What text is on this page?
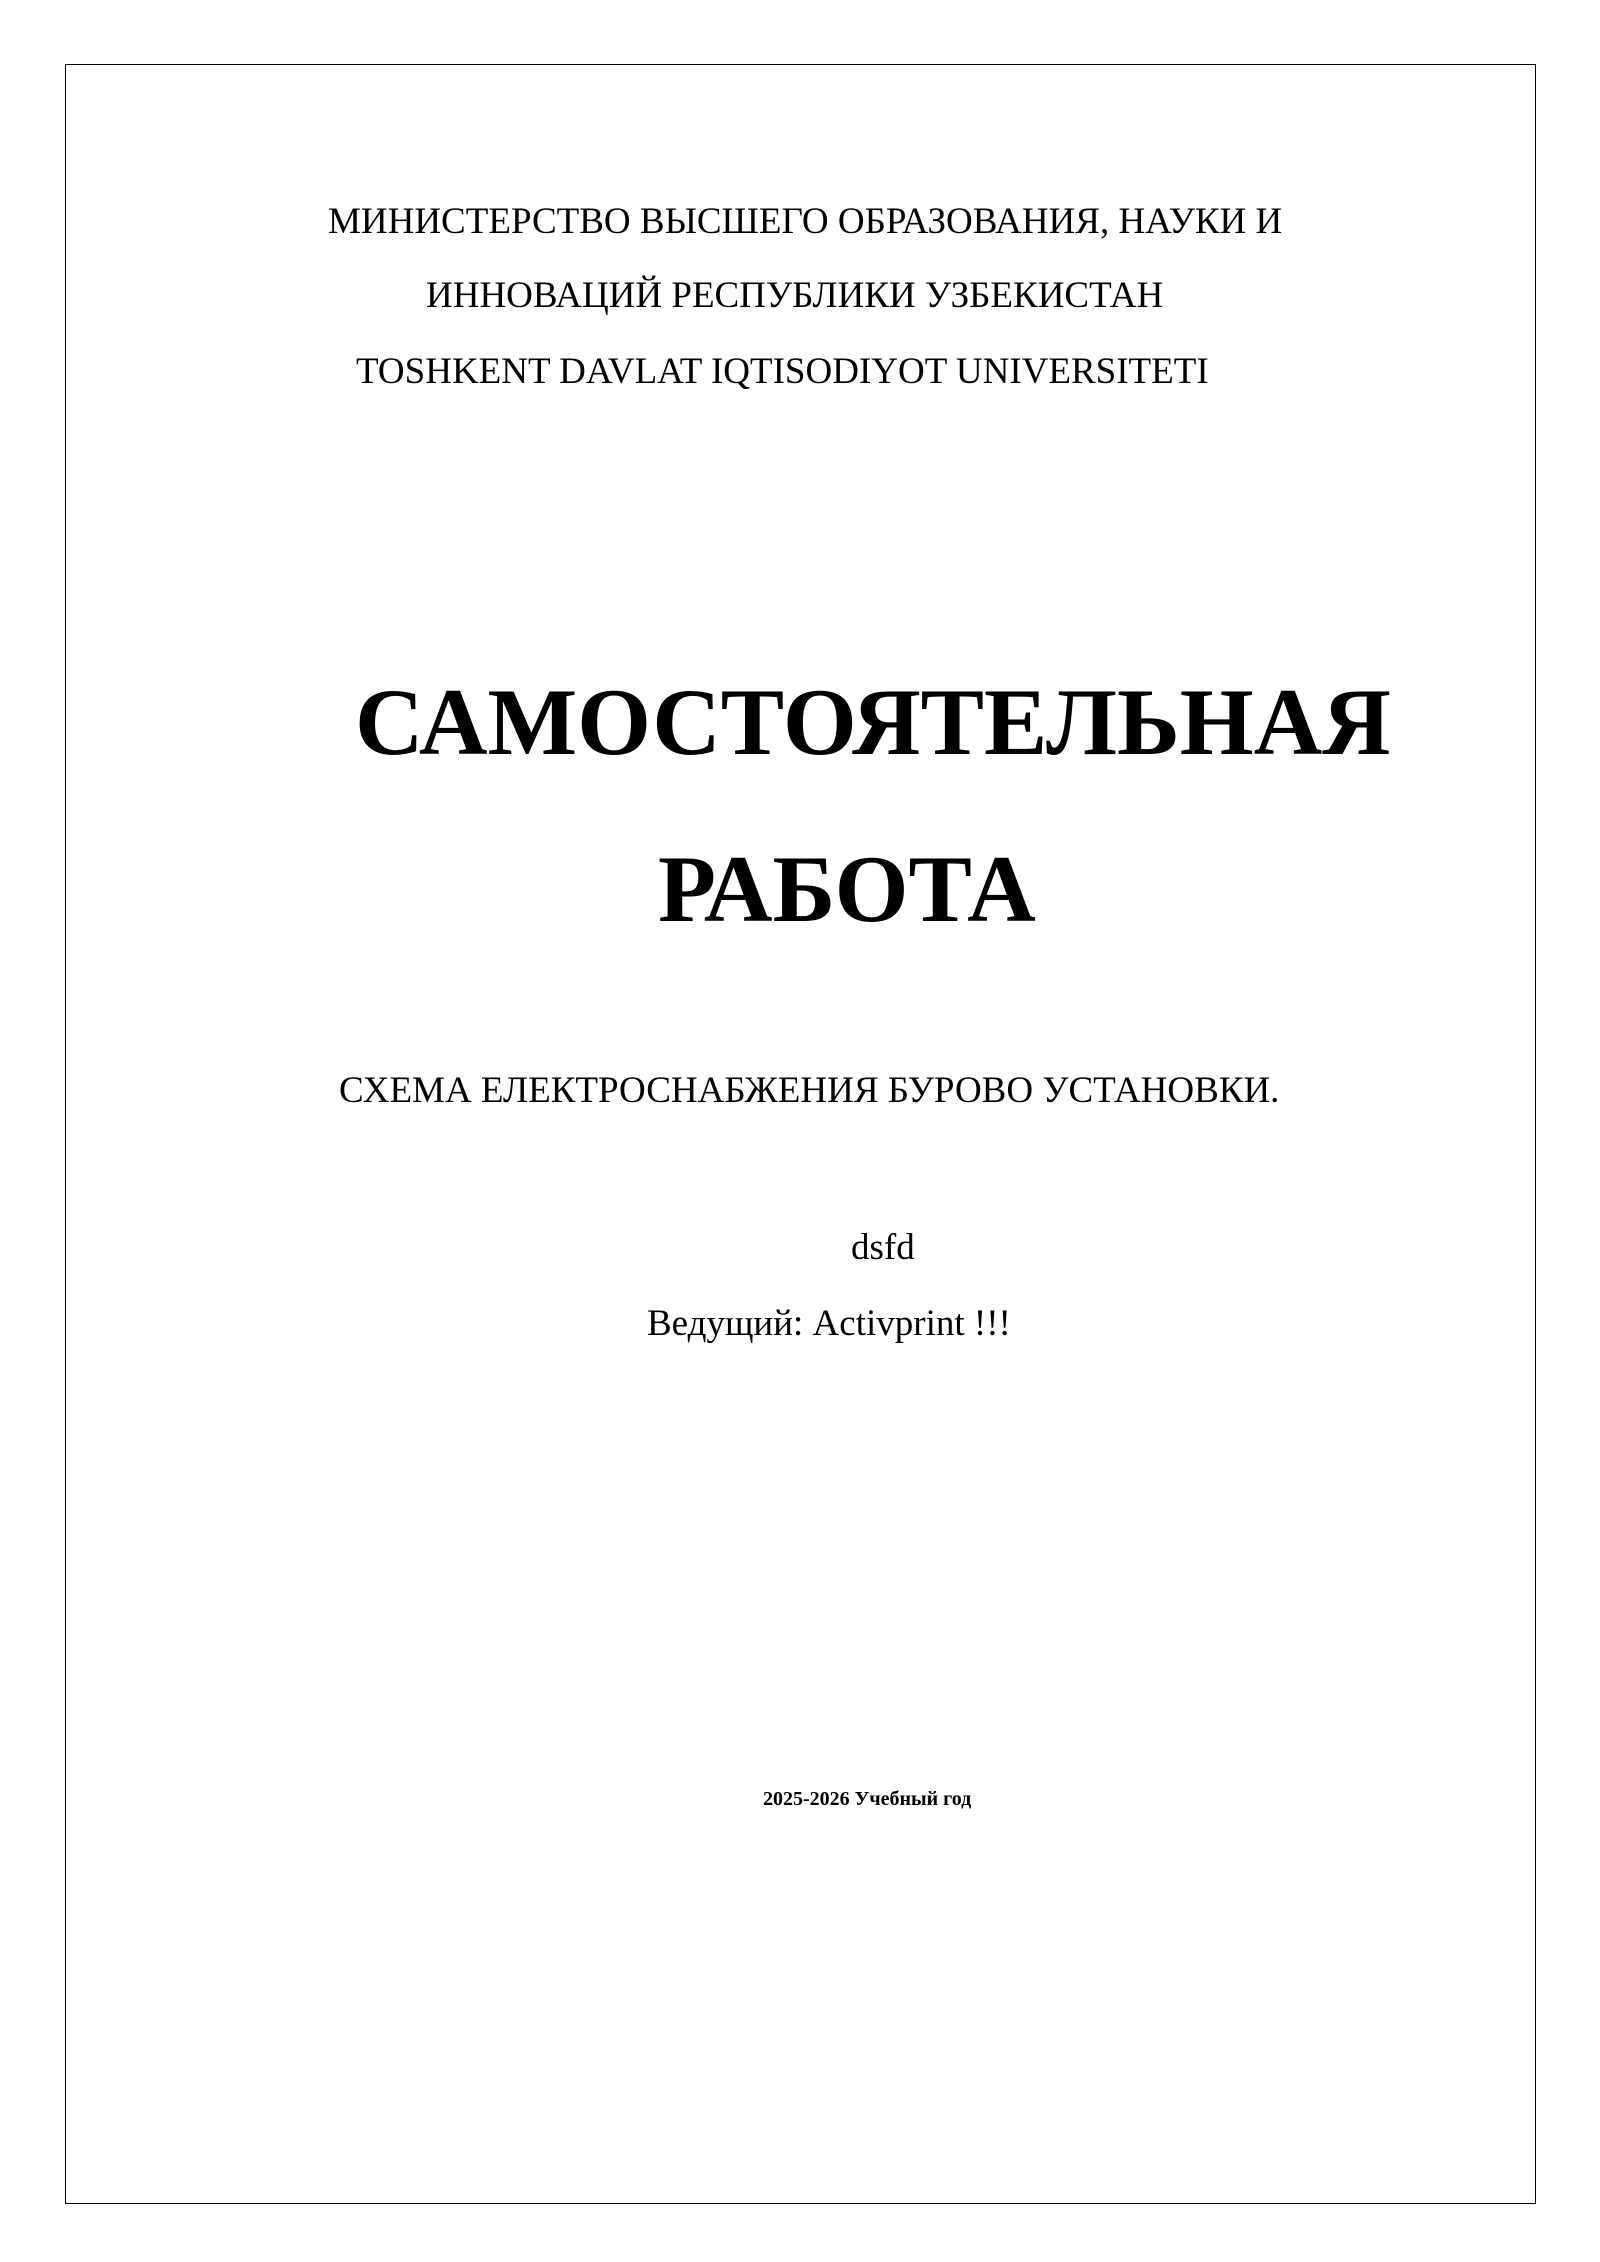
МИНИСТЕРСТВО ВЫСШЕГО ОБРАЗОВАНИЯ, НАУКИ И
ИННОВАЦИЙ РЕСПУБЛИКИ УЗБЕКИСТАН
TOSHKENT DAVLAT IQTISODIYOT UNIVERSITETI
САМОСТОЯТЕЛЬНАЯ
РАБОТА
СХЕМА ЕЛЕКТРОСНАБЖЕНИЯ БУРОВО УСТАНОВКИ.
dsfd
Ведущий: Activprint !!!
2025-2026 Учебный год
